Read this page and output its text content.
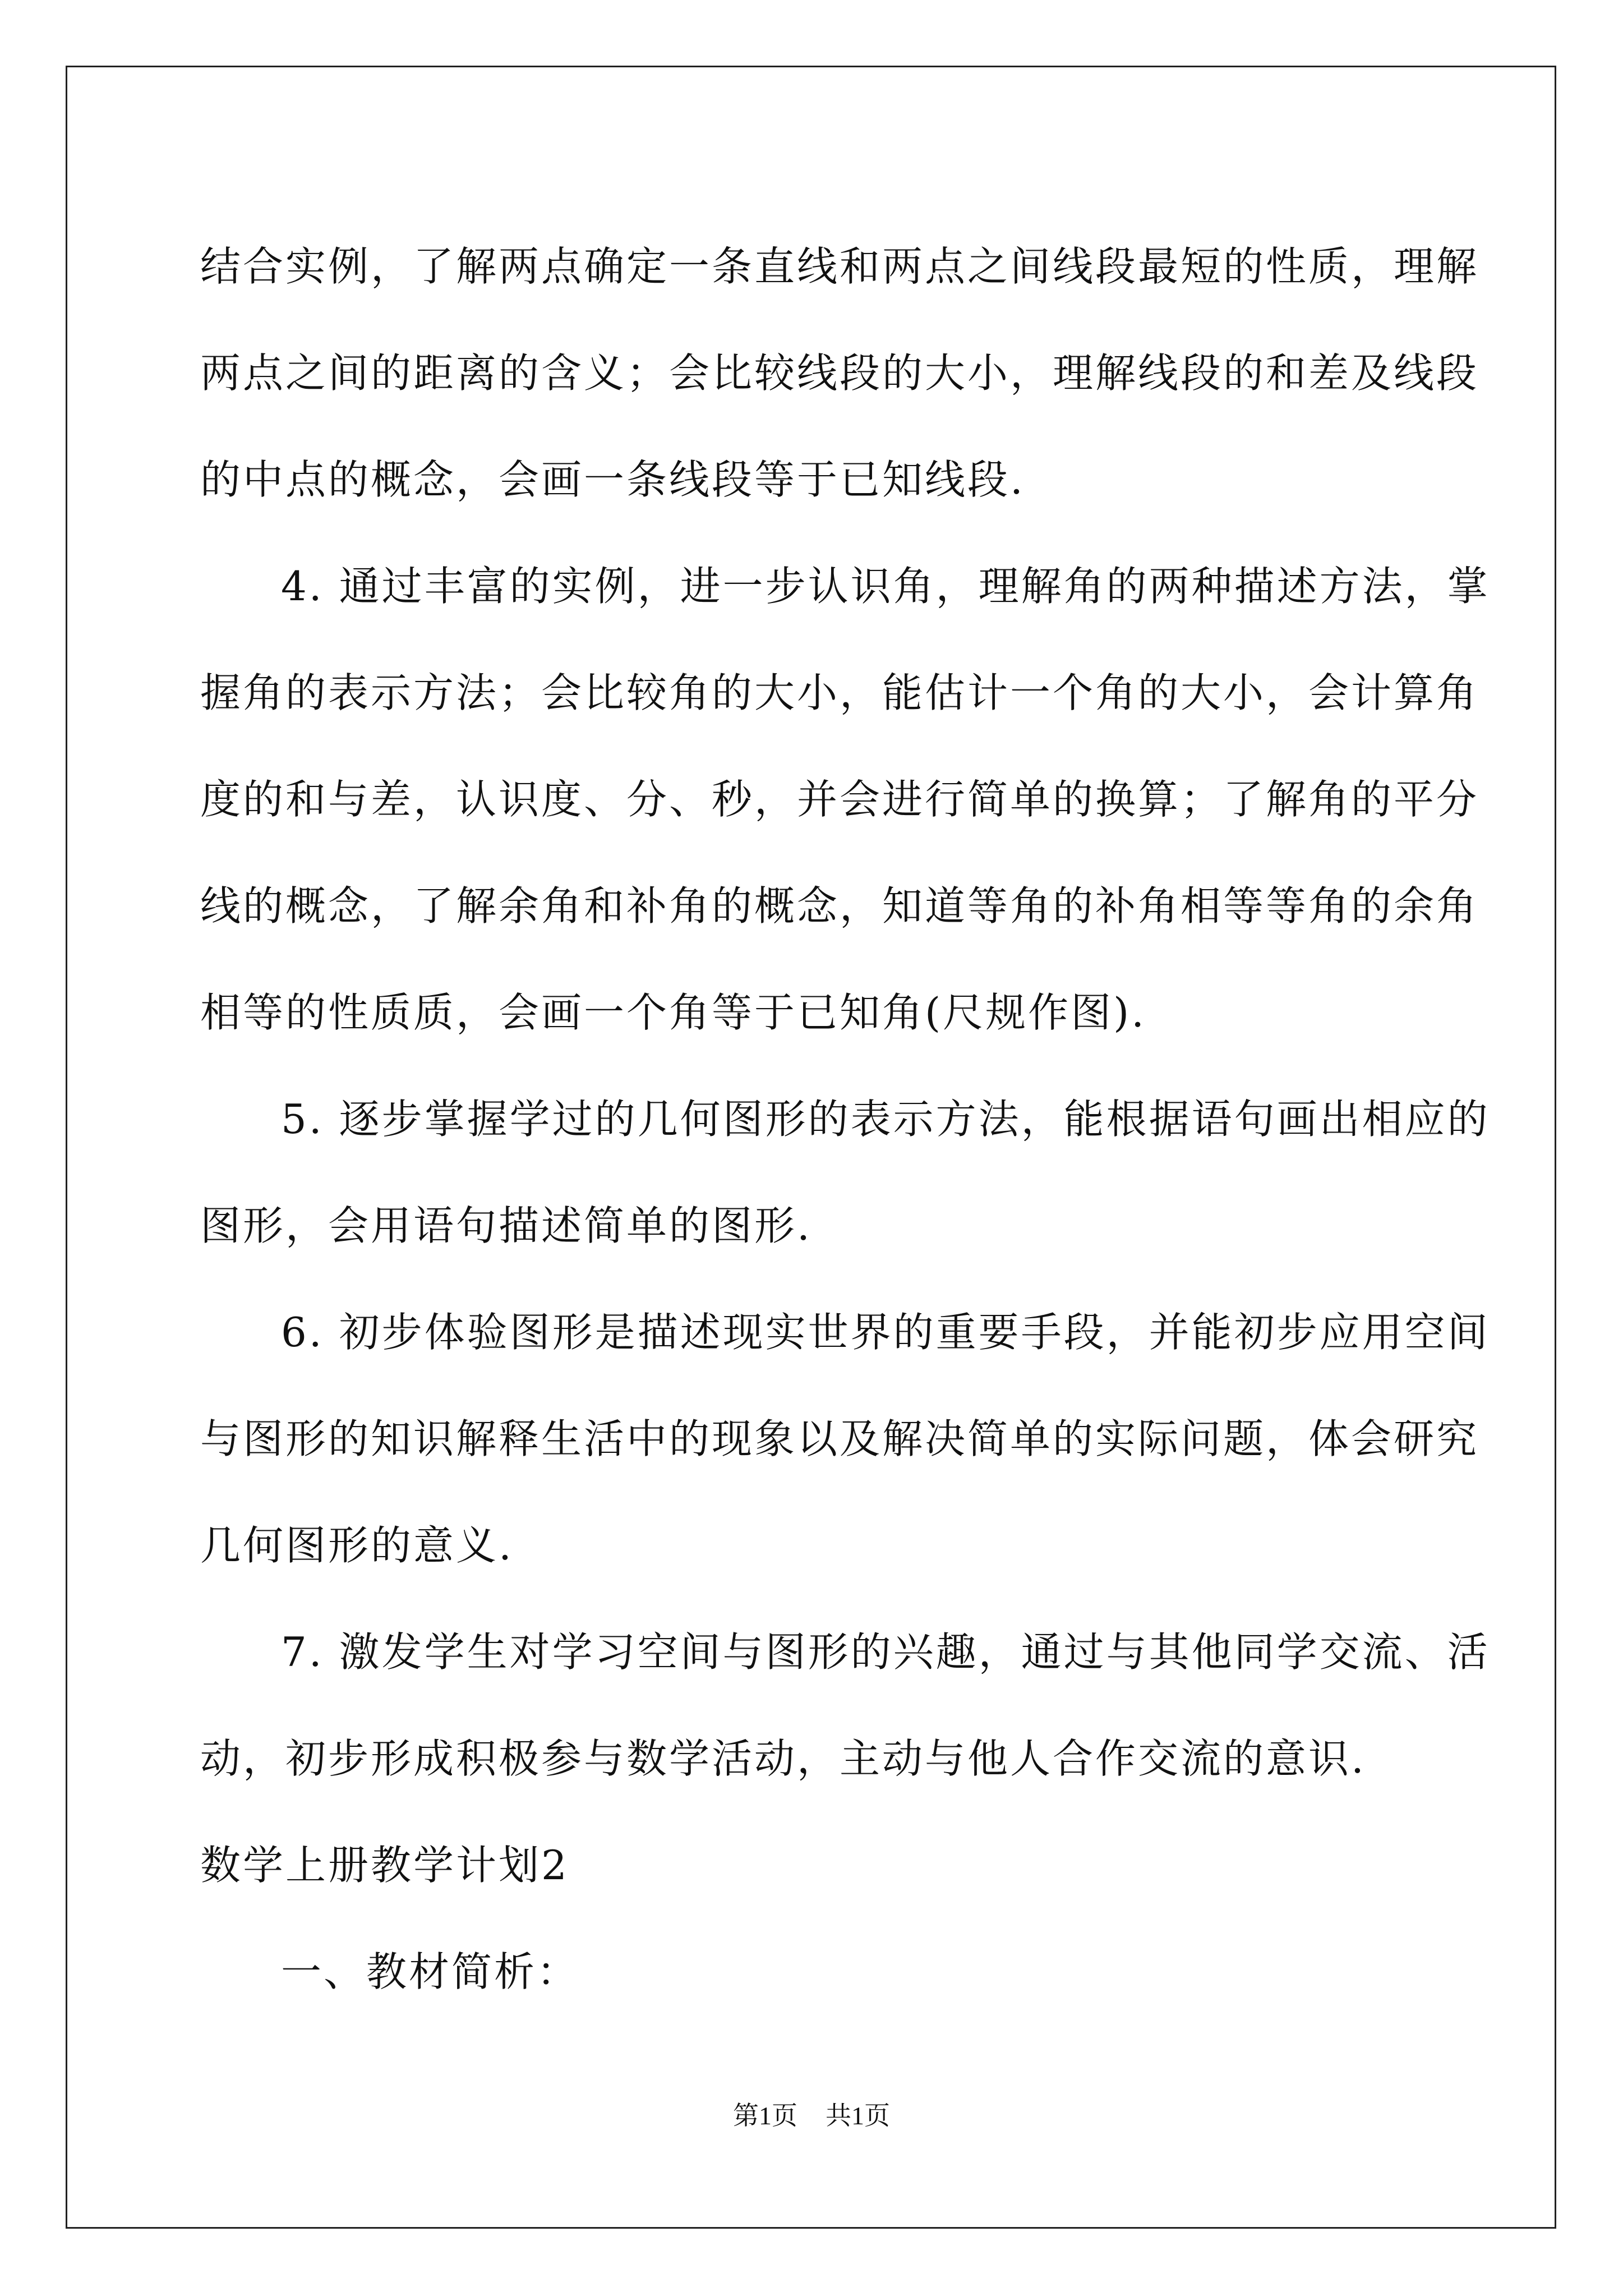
结合实例，了解两点确定一条直线和两点之间线段最短的性质，理解
两点之间的距离的含义；会比较线段的大小，理解线段的和差及线段
的中点的概念，会画一条线段等于已知线段.
4. 通过丰富的实例，进一步认识角，理解角的两种描述方法，掌
握角的表示方法；会比较角的大小，能估计一个角的大小，会计算角
度的和与差，认识度、分、秒，并会进行简单的换算；了解角的平分
线的概念，了解余角和补角的概念，知道等角的补角相等等角的余角
相等的性质质，会画一个角等于已知角(尺规作图).
5. 逐步掌握学过的几何图形的表示方法，能根据语句画出相应的
图形，会用语句描述简单的图形.
6. 初步体验图形是描述现实世界的重要手段，并能初步应用空间
与图形的知识解释生活中的现象以及解决简单的实际问题，体会研究
几何图形的意义.
7. 激发学生对学习空间与图形的兴趣，通过与其他同学交流、活
动，初步形成积极参与数学活动，主动与他人合作交流的意识.
数学上册教学计划2
一、教材简析：
第1页 共1页
